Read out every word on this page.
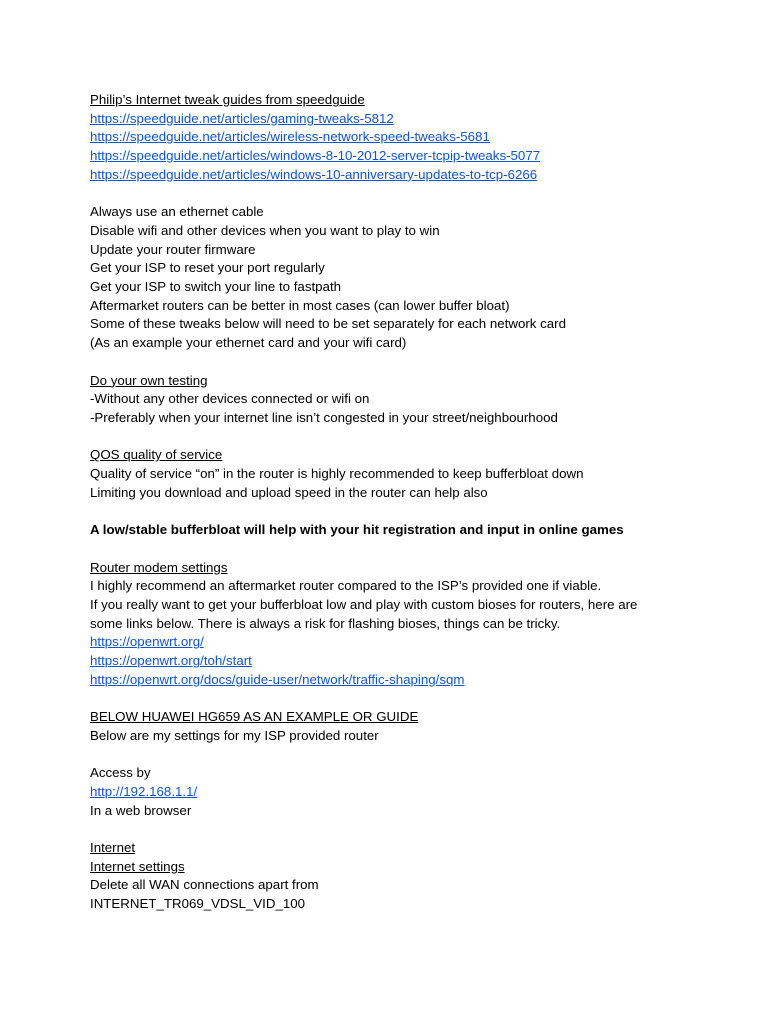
Philip’s Internet tweak guides from speedguide
https://speedguide.net/articles/gaming-tweaks-5812
https://speedguide.net/articles/wireless-network-speed-tweaks-5681
https://speedguide.net/articles/windows-8-10-2012-server-tcpip-tweaks-5077
https://speedguide.net/articles/windows-10-anniversary-updates-to-tcp-6266
Always use an ethernet cable
Disable wifi and other devices when you want to play to win
Update your router firmware
Get your ISP to reset your port regularly
Get your ISP to switch your line to fastpath
Aftermarket routers can be better in most cases (can lower buffer bloat)
Some of these tweaks below will need to be set separately for each network card
(As an example your ethernet card and your wifi card)
Do your own testing
-Without any other devices connected or wifi on
-Preferably when your internet line isn’t congested in your street/neighbourhood
QOS quality of service
Quality of service “on” in the router is highly recommended to keep bufferbloat down
Limiting you download and upload speed in the router can help also
A low/stable bufferbloat will help with your hit registration and input in online games
Router modem settings
I highly recommend an aftermarket router compared to the ISP’s provided one if viable.
If you really want to get your bufferbloat low and play with custom bioses for routers, here are
some links below. There is always a risk for flashing bioses, things can be tricky.
https://openwrt.org/
https://openwrt.org/toh/start
https://openwrt.org/docs/guide-user/network/traffic-shaping/sqm
BELOW HUAWEI HG659 AS AN EXAMPLE OR GUIDE
Below are my settings for my ISP provided router
Access by
http://192.168.1.1/
In a web browser
Internet
Internet settings
Delete all WAN connections apart from
INTERNET_TR069_VDSL_VID_100
